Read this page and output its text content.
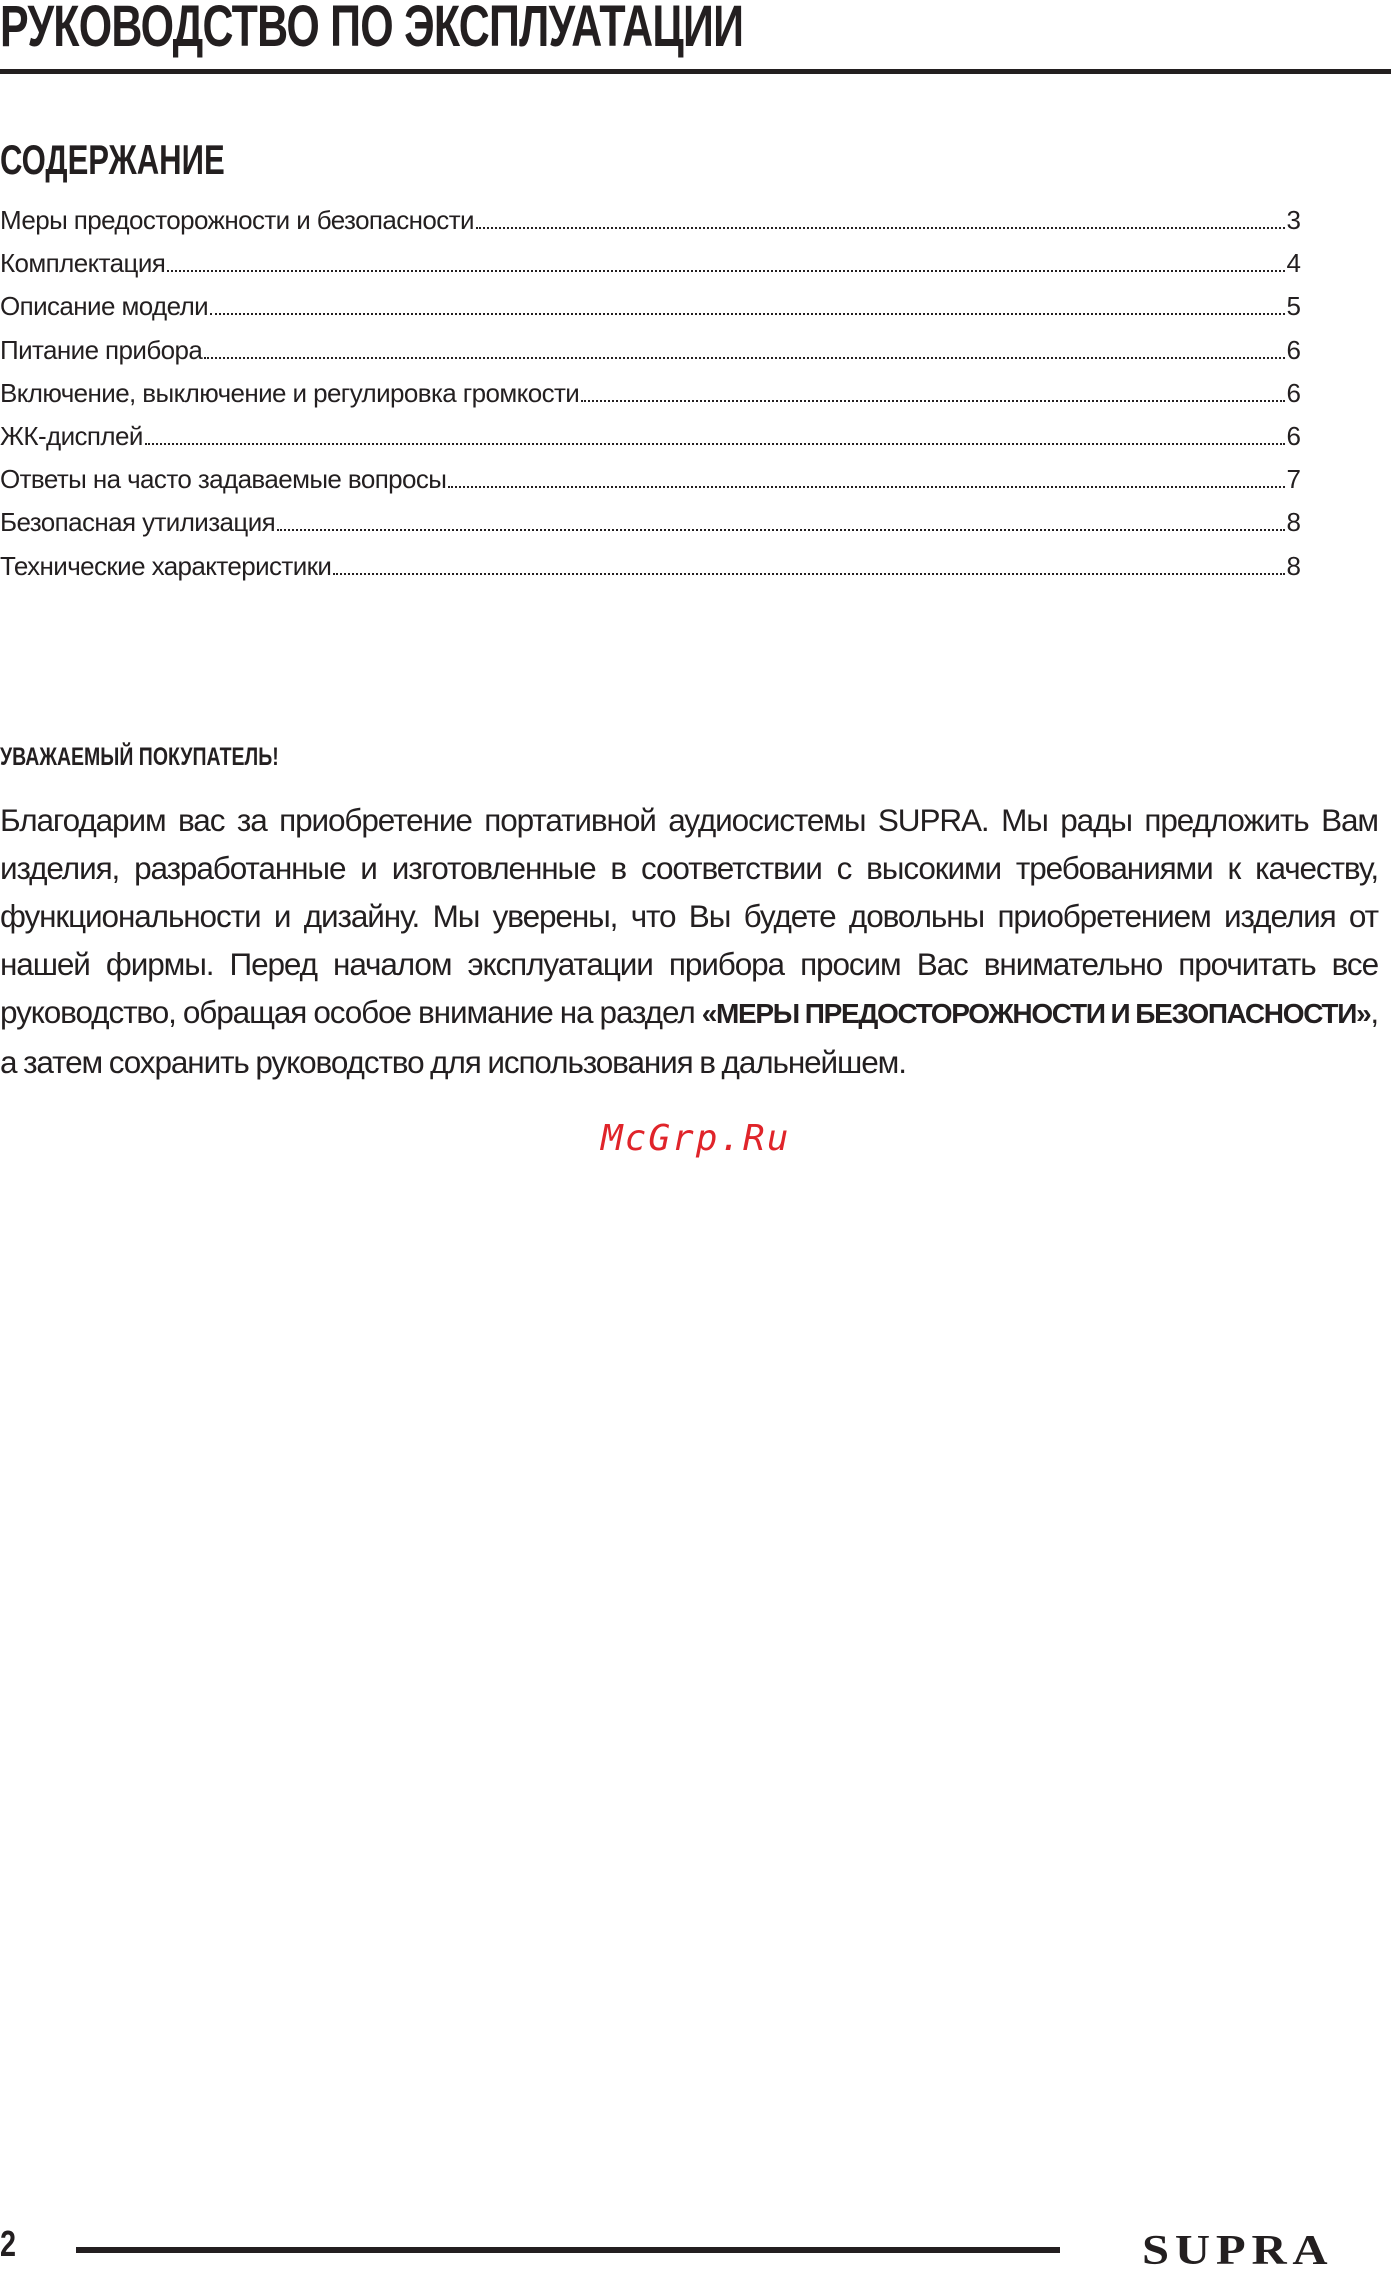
РУКОВОДСТВО ПО ЭКСПЛУАТАЦИИ
СОДЕРЖАНИЕ
Меры предосторожности и безопасности	3
Комплектация	4
Описание модели	5
Питание прибора	6
Включение, выключение и регулировка громкости	6
ЖК-дисплей	6
Ответы на часто задаваемые вопросы	7
Безопасная утилизация	8
Технические характеристики	8
УВАЖАЕМЫЙ ПОКУПАТЕЛЬ!

Благодарим вас за приобретение портативной аудиосистемы SUPRA. Мы рады предложить Вам изделия, разработанные и изготовленные в соответствии с высокими требованиями к качеству, функциональности и дизайну. Мы уверены, что Вы будете довольны приобретением изделия от нашей фирмы. Перед началом эксплуатации прибора просим Вас внимательно прочитать все руководство, обращая особое внимание на раздел «МЕРЫ ПРЕДОСТОРОЖНОСТИ И БЕЗОПАСНОСТИ», а затем сохранить руководство для использования в дальнейшем.

McGrp.Ru
2	SUPRA
